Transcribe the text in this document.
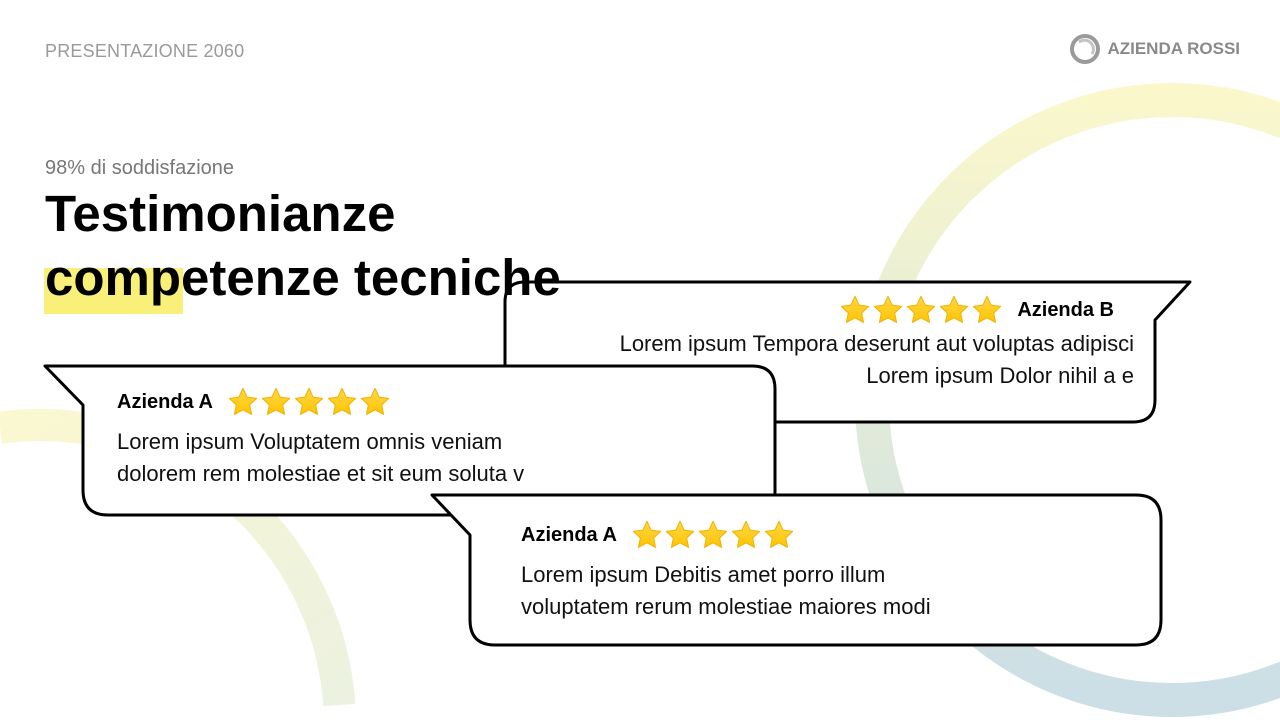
PRESENTAZIONE 2060	AZIENDA ROSSI
98% di soddisfazione
Testimonianze
competenze tecniche
Azienda B
Lorem ipsum Tempora deserunt aut voluptas adipisci
Lorem ipsum Dolor nihil a e
Azienda A
Lorem ipsum Voluptatem omnis veniam
dolorem rem molestiae et sit eum soluta v
Azienda A
Lorem ipsum Debitis amet porro illum
voluptatem rerum molestiae maiores modi
